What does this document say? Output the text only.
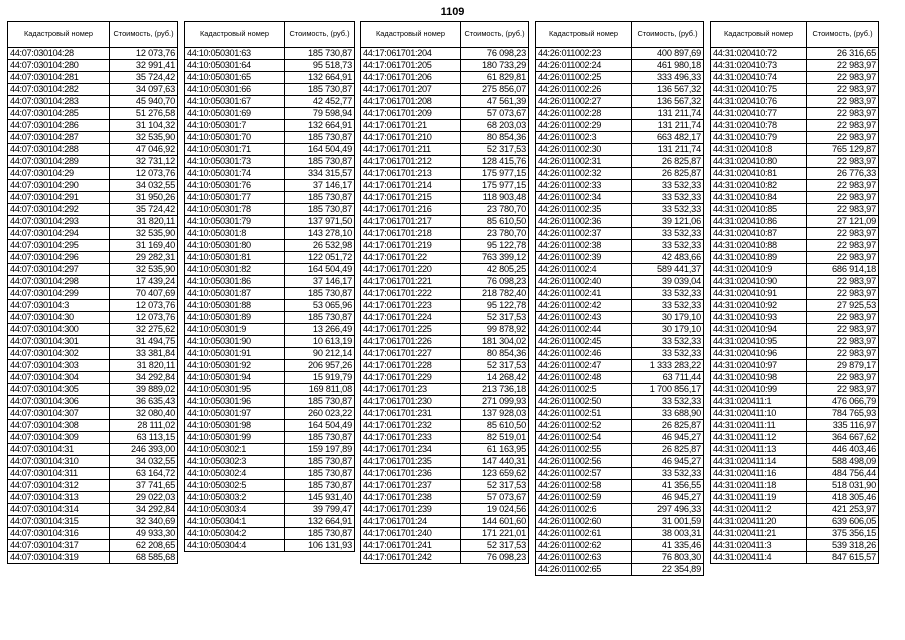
1109
Кадастровый номер	Стоимость, (руб.)
44:07:030104:28	12 073,76
44:07:030104:280	32 991,41
44:07:030104:281	35 724,42
44:07:030104:282	34 097,63
44:07:030104:283	45 940,70
44:07:030104:285	51 276,58
44:07:030104:286	31 104,32
44:07:030104:287	32 535,90
44:07:030104:288	47 046,92
44:07:030104:289	32 731,12
44:07:030104:29	12 073,76
44:07:030104:290	34 032,55
44:07:030104:291	31 950,26
44:07:030104:292	35 724,42
44:07:030104:293	31 820,11
44:07:030104:294	32 535,90
44:07:030104:295	31 169,40
44:07:030104:296	29 282,31
44:07:030104:297	32 535,90
44:07:030104:298	17 439,24
44:07:030104:299	70 407,69
44:07:030104:3	12 073,76
44:07:030104:30	12 073,76
44:07:030104:300	32 275,62
44:07:030104:301	31 494,75
44:07:030104:302	33 381,84
44:07:030104:303	31 820,11
44:07:030104:304	34 292,84
44:07:030104:305	39 889,02
44:07:030104:306	36 635,43
44:07:030104:307	32 080,40
44:07:030104:308	28 111,02
44:07:030104:309	63 113,15
44:07:030104:31	246 393,00
44:07:030104:310	34 032,55
44:07:030104:311	63 164,72
44:07:030104:312	37 741,65
44:07:030104:313	29 022,03
44:07:030104:314	34 292,84
44:07:030104:315	32 340,69
44:07:030104:316	49 933,30
44:07:030104:317	62 208,65
44:07:030104:319	68 585,68
Кадастровый номер	Стоимость, (руб.)
44:10:050301:63	185 730,87
44:10:050301:64	95 518,73
44:10:050301:65	132 664,91
44:10:050301:66	185 730,87
44:10:050301:67	42 452,77
44:10:050301:69	79 598,94
44:10:050301:7	132 664,91
44:10:050301:70	185 730,87
44:10:050301:71	164 504,49
44:10:050301:73	185 730,87
44:10:050301:74	334 315,57
44:10:050301:76	37 146,17
44:10:050301:77	185 730,87
44:10:050301:78	185 730,87
44:10:050301:79	137 971,50
44:10:050301:8	143 278,10
44:10:050301:80	26 532,98
44:10:050301:81	122 051,72
44:10:050301:82	164 504,49
44:10:050301:86	37 146,17
44:10:050301:87	185 730,87
44:10:050301:88	53 065,96
44:10:050301:89	185 730,87
44:10:050301:9	13 266,49
44:10:050301:90	10 613,19
44:10:050301:91	90 212,14
44:10:050301:92	206 957,26
44:10:050301:94	15 919,79
44:10:050301:95	169 811,08
44:10:050301:96	185 730,87
44:10:050301:97	260 023,22
44:10:050301:98	164 504,49
44:10:050301:99	185 730,87
44:10:050302:1	159 197,89
44:10:050302:3	185 730,87
44:10:050302:4	185 730,87
44:10:050302:5	185 730,87
44:10:050303:2	145 931,40
44:10:050303:4	39 799,47
44:10:050304:1	132 664,91
44:10:050304:2	185 730,87
44:10:050304:4	106 131,93
Кадастровый номер	Стоимость, (руб.)
44:17:061701:204	76 098,23
44:17:061701:205	180 733,29
44:17:061701:206	61 829,81
44:17:061701:207	275 856,07
44:17:061701:208	47 561,39
44:17:061701:209	57 073,67
44:17:061701:21	68 203,03
44:17:061701:210	80 854,36
44:17:061701:211	52 317,53
44:17:061701:212	128 415,76
44:17:061701:213	175 977,15
44:17:061701:214	175 977,15
44:17:061701:215	118 903,48
44:17:061701:216	23 780,70
44:17:061701:217	85 610,50
44:17:061701:218	23 780,70
44:17:061701:219	95 122,78
44:17:061701:22	763 399,12
44:17:061701:220	42 805,25
44:17:061701:221	76 098,23
44:17:061701:222	218 782,40
44:17:061701:223	95 122,78
44:17:061701:224	52 317,53
44:17:061701:225	99 878,92
44:17:061701:226	181 304,02
44:17:061701:227	80 854,36
44:17:061701:228	52 317,53
44:17:061701:229	14 268,42
44:17:061701:23	213 736,18
44:17:061701:230	271 099,93
44:17:061701:231	137 928,03
44:17:061701:232	85 610,50
44:17:061701:233	82 519,01
44:17:061701:234	61 163,95
44:17:061701:235	147 440,31
44:17:061701:236	123 659,62
44:17:061701:237	52 317,53
44:17:061701:238	57 073,67
44:17:061701:239	19 024,56
44:17:061701:24	144 601,60
44:17:061701:240	171 221,01
44:17:061701:241	52 317,53
44:17:061701:242	76 098,23
Кадастровый номер	Стоимость, (руб.)
44:26:011002:23	400 897,69
44:26:011002:24	461 980,18
44:26:011002:25	333 496,33
44:26:011002:26	136 567,32
44:26:011002:27	136 567,32
44:26:011002:28	131 211,74
44:26:011002:29	131 211,74
44:26:011002:3	663 482,17
44:26:011002:30	131 211,74
44:26:011002:31	26 825,87
44:26:011002:32	26 825,87
44:26:011002:33	33 532,33
44:26:011002:34	33 532,33
44:26:011002:35	33 532,33
44:26:011002:36	39 121,06
44:26:011002:37	33 532,33
44:26:011002:38	33 532,33
44:26:011002:39	42 483,66
44:26:011002:4	589 441,37
44:26:011002:40	39 039,04
44:26:011002:41	33 532,33
44:26:011002:42	33 532,33
44:26:011002:43	30 179,10
44:26:011002:44	30 179,10
44:26:011002:45	33 532,33
44:26:011002:46	33 532,33
44:26:011002:47	1 333 283,22
44:26:011002:48	63 711,44
44:26:011002:5	1 700 856,17
44:26:011002:50	33 532,33
44:26:011002:51	33 688,90
44:26:011002:52	26 825,87
44:26:011002:54	46 945,27
44:26:011002:55	26 825,87
44:26:011002:56	46 945,27
44:26:011002:57	33 532,33
44:26:011002:58	41 356,55
44:26:011002:59	46 945,27
44:26:011002:6	297 496,33
44:26:011002:60	31 001,59
44:26:011002:61	38 003,31
44:26:011002:62	41 335,46
44:26:011002:63	76 803,30
44:26:011002:65	22 354,89
Кадастровый номер	Стоимость, (руб.)
44:31:020410:72	26 316,65
44:31:020410:73	22 983,97
44:31:020410:74	22 983,97
44:31:020410:75	22 983,97
44:31:020410:76	22 983,97
44:31:020410:77	22 983,97
44:31:020410:78	22 983,97
44:31:020410:79	22 983,97
44:31:020410:8	765 129,87
44:31:020410:80	22 983,97
44:31:020410:81	26 776,33
44:31:020410:82	22 983,97
44:31:020410:84	22 983,97
44:31:020410:85	22 983,97
44:31:020410:86	27 121,09
44:31:020410:87	22 983,97
44:31:020410:88	22 983,97
44:31:020410:89	22 983,97
44:31:020410:9	686 914,18
44:31:020410:90	22 983,97
44:31:020410:91	22 983,97
44:31:020410:92	27 925,53
44:31:020410:93	22 983,97
44:31:020410:94	22 983,97
44:31:020410:95	22 983,97
44:31:020410:96	22 983,97
44:31:020410:97	29 879,17
44:31:020410:98	22 983,97
44:31:020410:99	22 983,97
44:31:020411:1	476 066,79
44:31:020411:10	784 765,93
44:31:020411:11	335 116,97
44:31:020411:12	364 667,62
44:31:020411:13	446 403,46
44:31:020411:14	588 498,09
44:31:020411:16	484 756,44
44:31:020411:18	518 031,90
44:31:020411:19	418 305,46
44:31:020411:2	421 253,97
44:31:020411:20	639 606,05
44:31:020411:21	375 356,15
44:31:020411:3	539 318,26
44:31:020411:4	847 615,57
